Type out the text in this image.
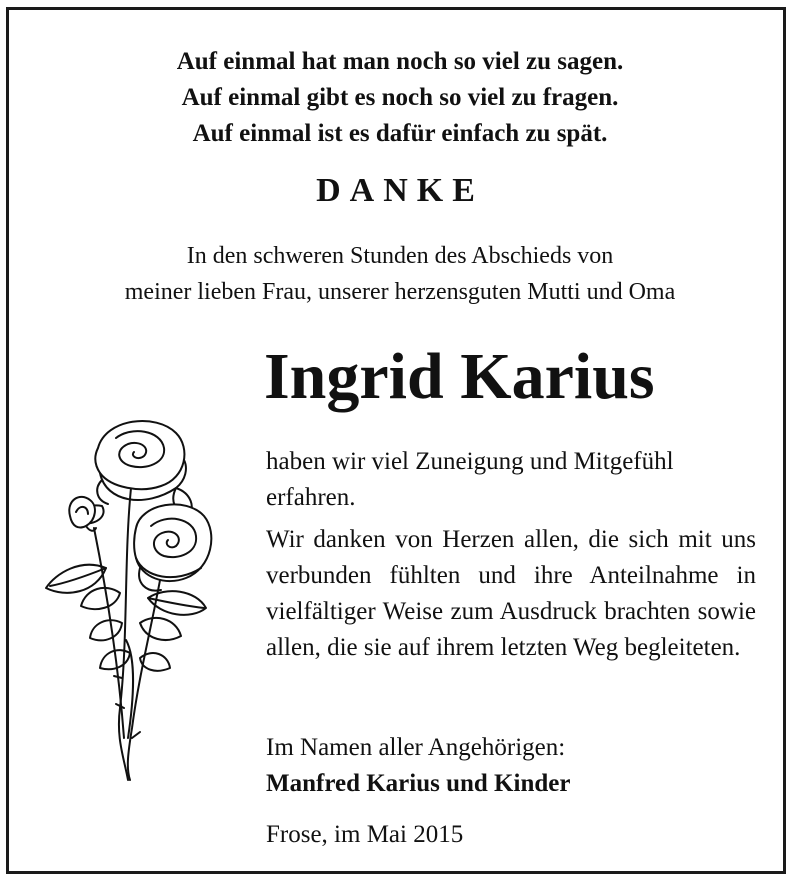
Auf einmal hat man noch so viel zu sagen.
Auf einmal gibt es noch so viel zu fragen.
Auf einmal ist es dafür einfach zu spät.
DANKE
In den schweren Stunden des Abschieds von
meiner lieben Frau, unserer herzensguten Mutti und Oma
Ingrid Karius
haben wir viel Zuneigung und Mitgefühl erfahren.
Wir danken von Herzen allen, die sich mit uns verbunden fühlten und ihre Anteilnahme in vielfältiger Weise zum Ausdruck brachten sowie allen, die sie auf ihrem letzten Weg begleiteten.
Im Namen aller Angehörigen:
Manfred Karius und Kinder
Frose, im Mai 2015
